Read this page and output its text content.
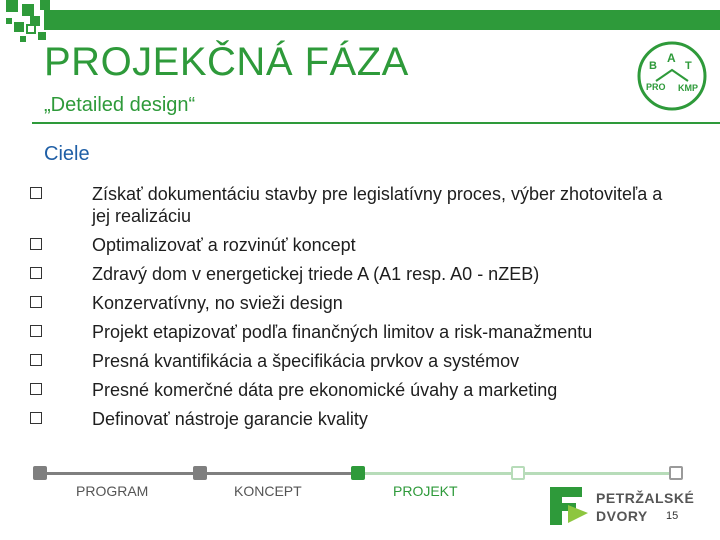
PROJEKČNÁ FÁZA
„Detailed design“
B
A
T
PRO KMP
Ciele
Získať dokumentáciu stavby pre legislatívny proces, výber zhotoviteľa a jej realizáciu
Optimalizovať a rozvinúť koncept
Zdravý dom v energetickej triede A (A1 resp. A0 - nZEB)
Konzervatívny, no svieži design
Projekt etapizovať podľa finančných limitov a risk-manažmentu
Presná kvantifikácia a špecifikácia prvkov a systémov
Presné komerčné dáta pre ekonomické úvahy a marketing
Definovať nástroje garancie kvality
PROGRAM	KONCEPT	PROJEKT	PETRŽALSKÉ
DVORY	15
